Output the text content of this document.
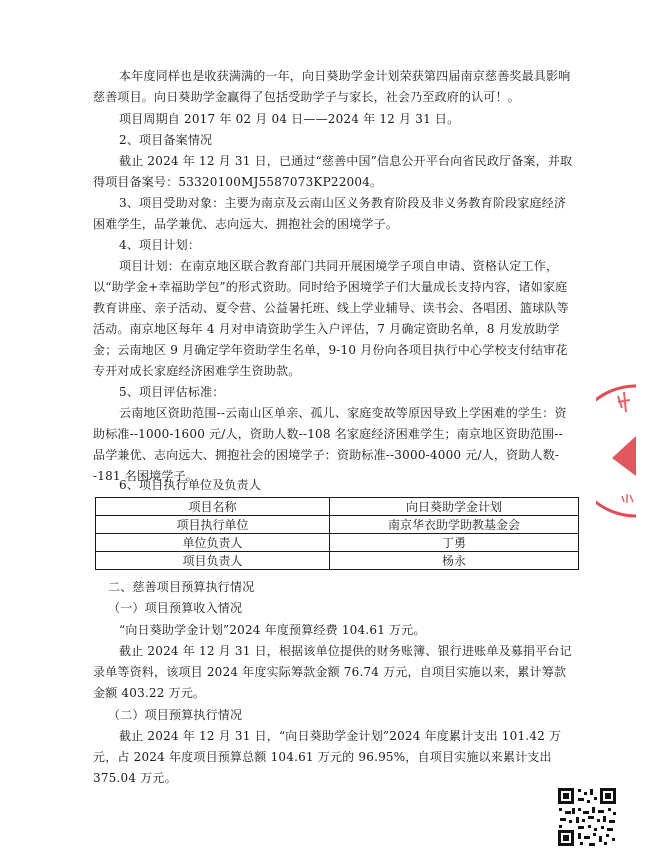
本年度同样也是收获满满的一年，向日葵助学金计划荣获第四届南京慈善奖最具影响慈善项目。向日葵助学金赢得了包括受助学子与家长，社会乃至政府的认可！。

项目周期自 2017 年 02 月 04 日——2024 年 12 月 31 日。

2、项目备案情况

截止 2024 年 12 月 31 日，已通过“慈善中国”信息公开平台向省民政厅备案，并取得项目备案号：53320100MJ5587073KP22004。

3、项目受助对象：主要为南京及云南山区义务教育阶段及非义务教育阶段家庭经济困难学生，品学兼优、志向远大、拥抱社会的困境学子。

4、项目计划：

项目计划：在南京地区联合教育部门共同开展困境学子项自申请、资格认定工作，以“助学金+幸福助学包”的形式资助。同时给予困境学子们大量成长支持内容，诸如家庭教育讲座、亲子活动、夏令营、公益暑托班、线上学业辅导、读书会、各唱团、篮球队等活动。南京地区每年 4 月对申请资助学生入户评估，7 月确定资助名单，8 月发放助学金；云南地区 9 月确定学年资助学生名单，9-10 月份向各项目执行中心学校支付结审花专开对成长家庭经济困难学生资助款。

5、项目评估标准：

云南地区资助范围--云南山区单亲、孤儿、家庭变故等原因导致上学困难的学生：资助标准--1000-1600 元/人，资助人数--108 名家庭经济困难学生；南京地区资助范围--品学兼优、志向远大、拥抱社会的困境学子：资助标准--3000-4000 元/人，资助人数--181 名困境学子。

6、项目执行单位及负责人

项目名称	向日葵助学金计划
项目执行单位	南京华衣助学助教基金会
单位负责人	丁勇
项目负责人	杨永

二、慈善项目预算执行情况

（一）项目预算收入情况

“向日葵助学金计划”2024 年度预算经费 104.61 万元。

截止 2024 年 12 月 31 日，根据该单位提供的财务账簿、银行进账单及募捐平台记录单等资料，该项目 2024 年度实际筹款金额 76.74 万元，自项目实施以来，累计筹款金额 403.22 万元。

（二）项目预算执行情况

截止 2024 年 12 月 31 日，“向日葵助学金计划”2024 年度累计支出 101.42 万元，占 2024 年度项目预算总额 104.61 万元的 96.95%，自项目实施以来累计支出 375.04 万元。
